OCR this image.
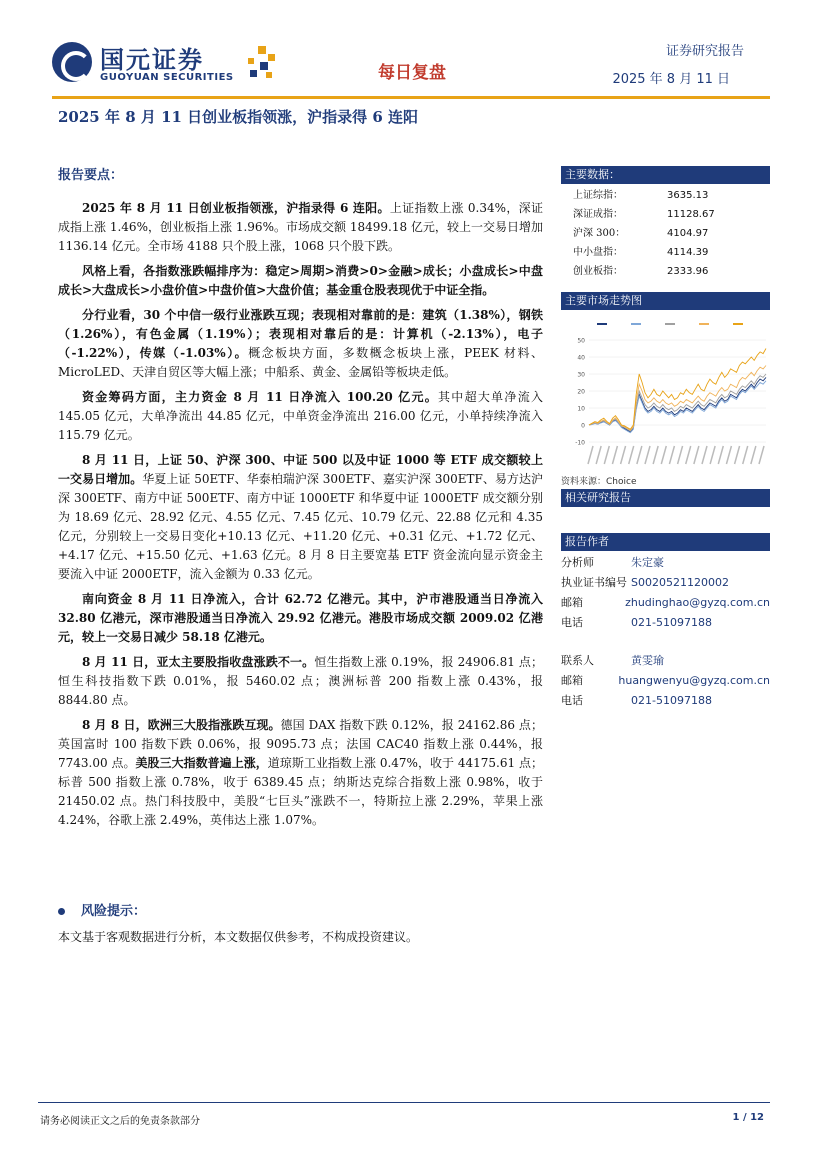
国元证券
GUOYUAN SECURITIES	每日复盘
证券研究报告
2025 年 8 月 11 日
2025 年 8 月 11 日创业板指领涨，沪指录得 6 连阳
报告要点：
2025 年 8 月 11 日创业板指领涨，沪指录得 6 连阳。上证指数上涨 0.34%，深证成指上涨 1.46%，创业板指上涨 1.96%。市场成交额 18499.18 亿元，较上一交易日增加 1136.14 亿元。全市场 4188 只个股上涨，1068 只个股下跌。
风格上看，各指数涨跌幅排序为：稳定>周期>消费>0>金融>成长；小盘成长>中盘成长>大盘成长>小盘价值>中盘价值>大盘价值；基金重仓股表现优于中证全指。
分行业看，30 个中信一级行业涨跌互现；表现相对靠前的是：建筑（1.38%），钢铁（1.26%），有色金属（1.19%）；表现相对靠后的是：计算机（-2.13%），电子（-1.22%），传媒（-1.03%）。概念板块方面，多数概念板块上涨，PEEK 材料、MicroLED、天津自贸区等大幅上涨；中船系、黄金、金属铅等板块走低。
资金筹码方面，主力资金 8 月 11 日净流入 100.20 亿元。其中超大单净流入 145.05 亿元，大单净流出 44.85 亿元，中单资金净流出 216.00 亿元，小单持续净流入 115.79 亿元。
8 月 11 日，上证 50、沪深 300、中证 500 以及中证 1000 等 ETF 成交额较上一交易日增加。华夏上证 50ETF、华泰柏瑞沪深 300ETF、嘉实沪深 300ETF、易方达沪深 300ETF、南方中证 500ETF、南方中证 1000ETF 和华夏中证 1000ETF 成交额分别为 18.69 亿元、28.92 亿元、4.55 亿元、7.45 亿元、10.79 亿元、22.88 亿元和 4.35 亿元，分别较上一交易日变化+10.13 亿元、+11.20 亿元、+0.31 亿元、+1.72 亿元、+4.17 亿元、+15.50 亿元、+1.63 亿元。8 月 8 日主要宽基 ETF 资金流向显示资金主要流入中证 2000ETF，流入金额为 0.33 亿元。
南向资金 8 月 11 日净流入，合计 62.72 亿港元。其中，沪市港股通当日净流入 32.80 亿港元，深市港股通当日净流入 29.92 亿港元。港股市场成交额 2009.02 亿港元，较上一交易日减少 58.18 亿港元。
8 月 11 日，亚太主要股指收盘涨跌不一。恒生指数上涨 0.19%，报 24906.81 点；恒生科技指数下跌 0.01%，报 5460.02 点；澳洲标普 200 指数上涨 0.43%，报 8844.80 点。
8 月 8 日，欧洲三大股指涨跌互现。德国 DAX 指数下跌 0.12%，报 24162.86 点；英国富时 100 指数下跌 0.06%，报 9095.73 点；法国 CAC40 指数上涨 0.44%，报 7743.00 点。美股三大指数普遍上涨，道琼斯工业指数上涨 0.47%，收于 44175.61 点；标普 500 指数上涨 0.78%，收于 6389.45 点；纳斯达克综合指数上涨 0.98%，收于 21450.02 点。热门科技股中，美股“七巨头”涨跌不一，特斯拉上涨 2.29%，苹果上涨 4.24%，谷歌上涨 2.49%，英伟达上涨 1.07%。
风险提示：
本文基于客观数据进行分析，本文数据仅供参考，不构成投资建议。
主要数据：
上证综指：	3635.13
深证成指：	11128.67
沪深 300：	4104.97
中小盘指：	4114.39
创业板指：	2333.96
主要市场走势图
-10
0
10
20
30
40
50
资料来源：Choice
相关研究报告
报告作者
分析师	朱定豪
执业证书编号 S0020521120002
邮箱	zhudinghao@gyzq.com.cn
电话	021-51097188
联系人	黄雯瑜
邮箱	huangwenyu@gyzq.com.cn
电话	021-51097188
请务必阅读正文之后的免责条款部分	1 / 12
